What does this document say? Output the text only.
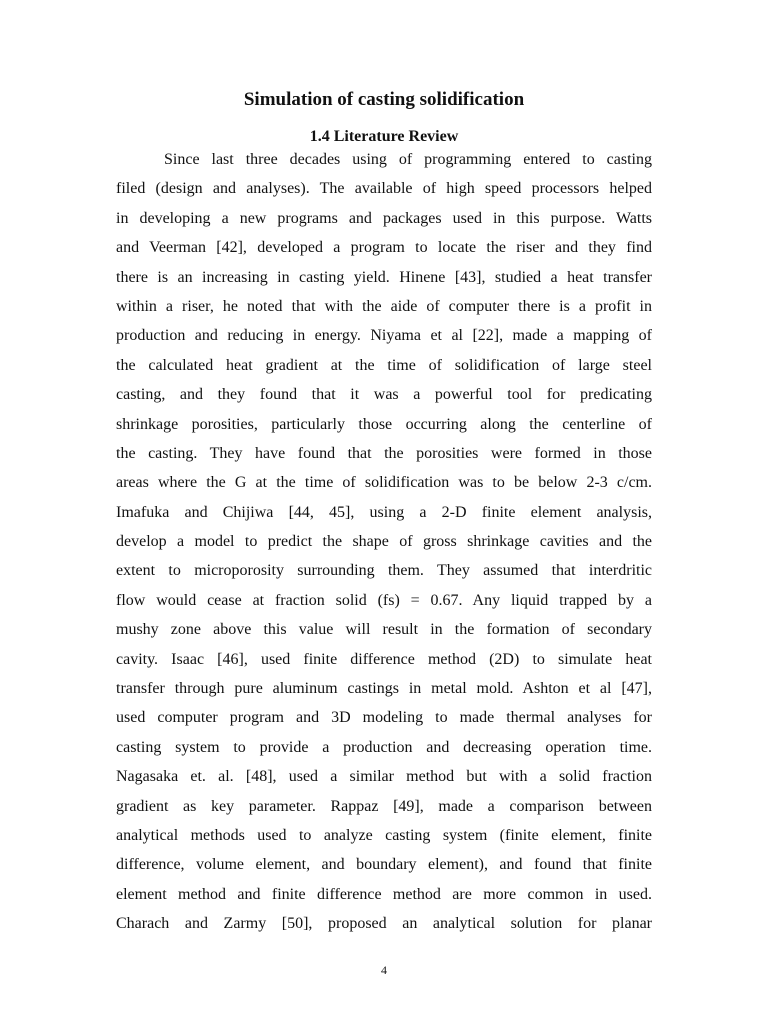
Simulation of casting solidification
1.4 Literature Review
Since last three decades using of programming entered to casting
filed (design and analyses). The available of high speed processors helped
in developing a new programs and packages used in this purpose. Watts
and Veerman [42], developed a program to locate the riser and they find
there is an increasing in casting yield. Hinene [43], studied a heat transfer
within a riser, he noted that with the aide of computer there is a profit in
production and reducing in energy. Niyama et al [22], made a mapping of
the calculated heat gradient at the time of solidification of large steel
casting, and they found that it was a powerful tool for predicating
shrinkage porosities, particularly those occurring along the centerline of
the casting. They have found that the porosities were formed in those
areas where the G at the time of solidification was to be below 2-3 c/cm.
Imafuka and Chijiwa [44, 45], using a 2-D finite element analysis,
develop a model to predict the shape of gross shrinkage cavities and the
extent to microporosity surrounding them. They assumed that interdritic
flow would cease at fraction solid (fs) = 0.67. Any liquid trapped by a
mushy zone above this value will result in the formation of secondary
cavity. Isaac [46], used finite difference method (2D) to simulate heat
transfer through pure aluminum castings in metal mold. Ashton et al [47],
used computer program and 3D modeling to made thermal analyses for
casting system to provide a production and decreasing operation time.
Nagasaka et. al. [48], used a similar method but with a solid fraction
gradient as key parameter. Rappaz [49], made a comparison between
analytical methods used to analyze casting system (finite element, finite
difference, volume element, and boundary element), and found that finite
element method and finite difference method are more common in used.
Charach and Zarmy [50], proposed an analytical solution for planar
4
